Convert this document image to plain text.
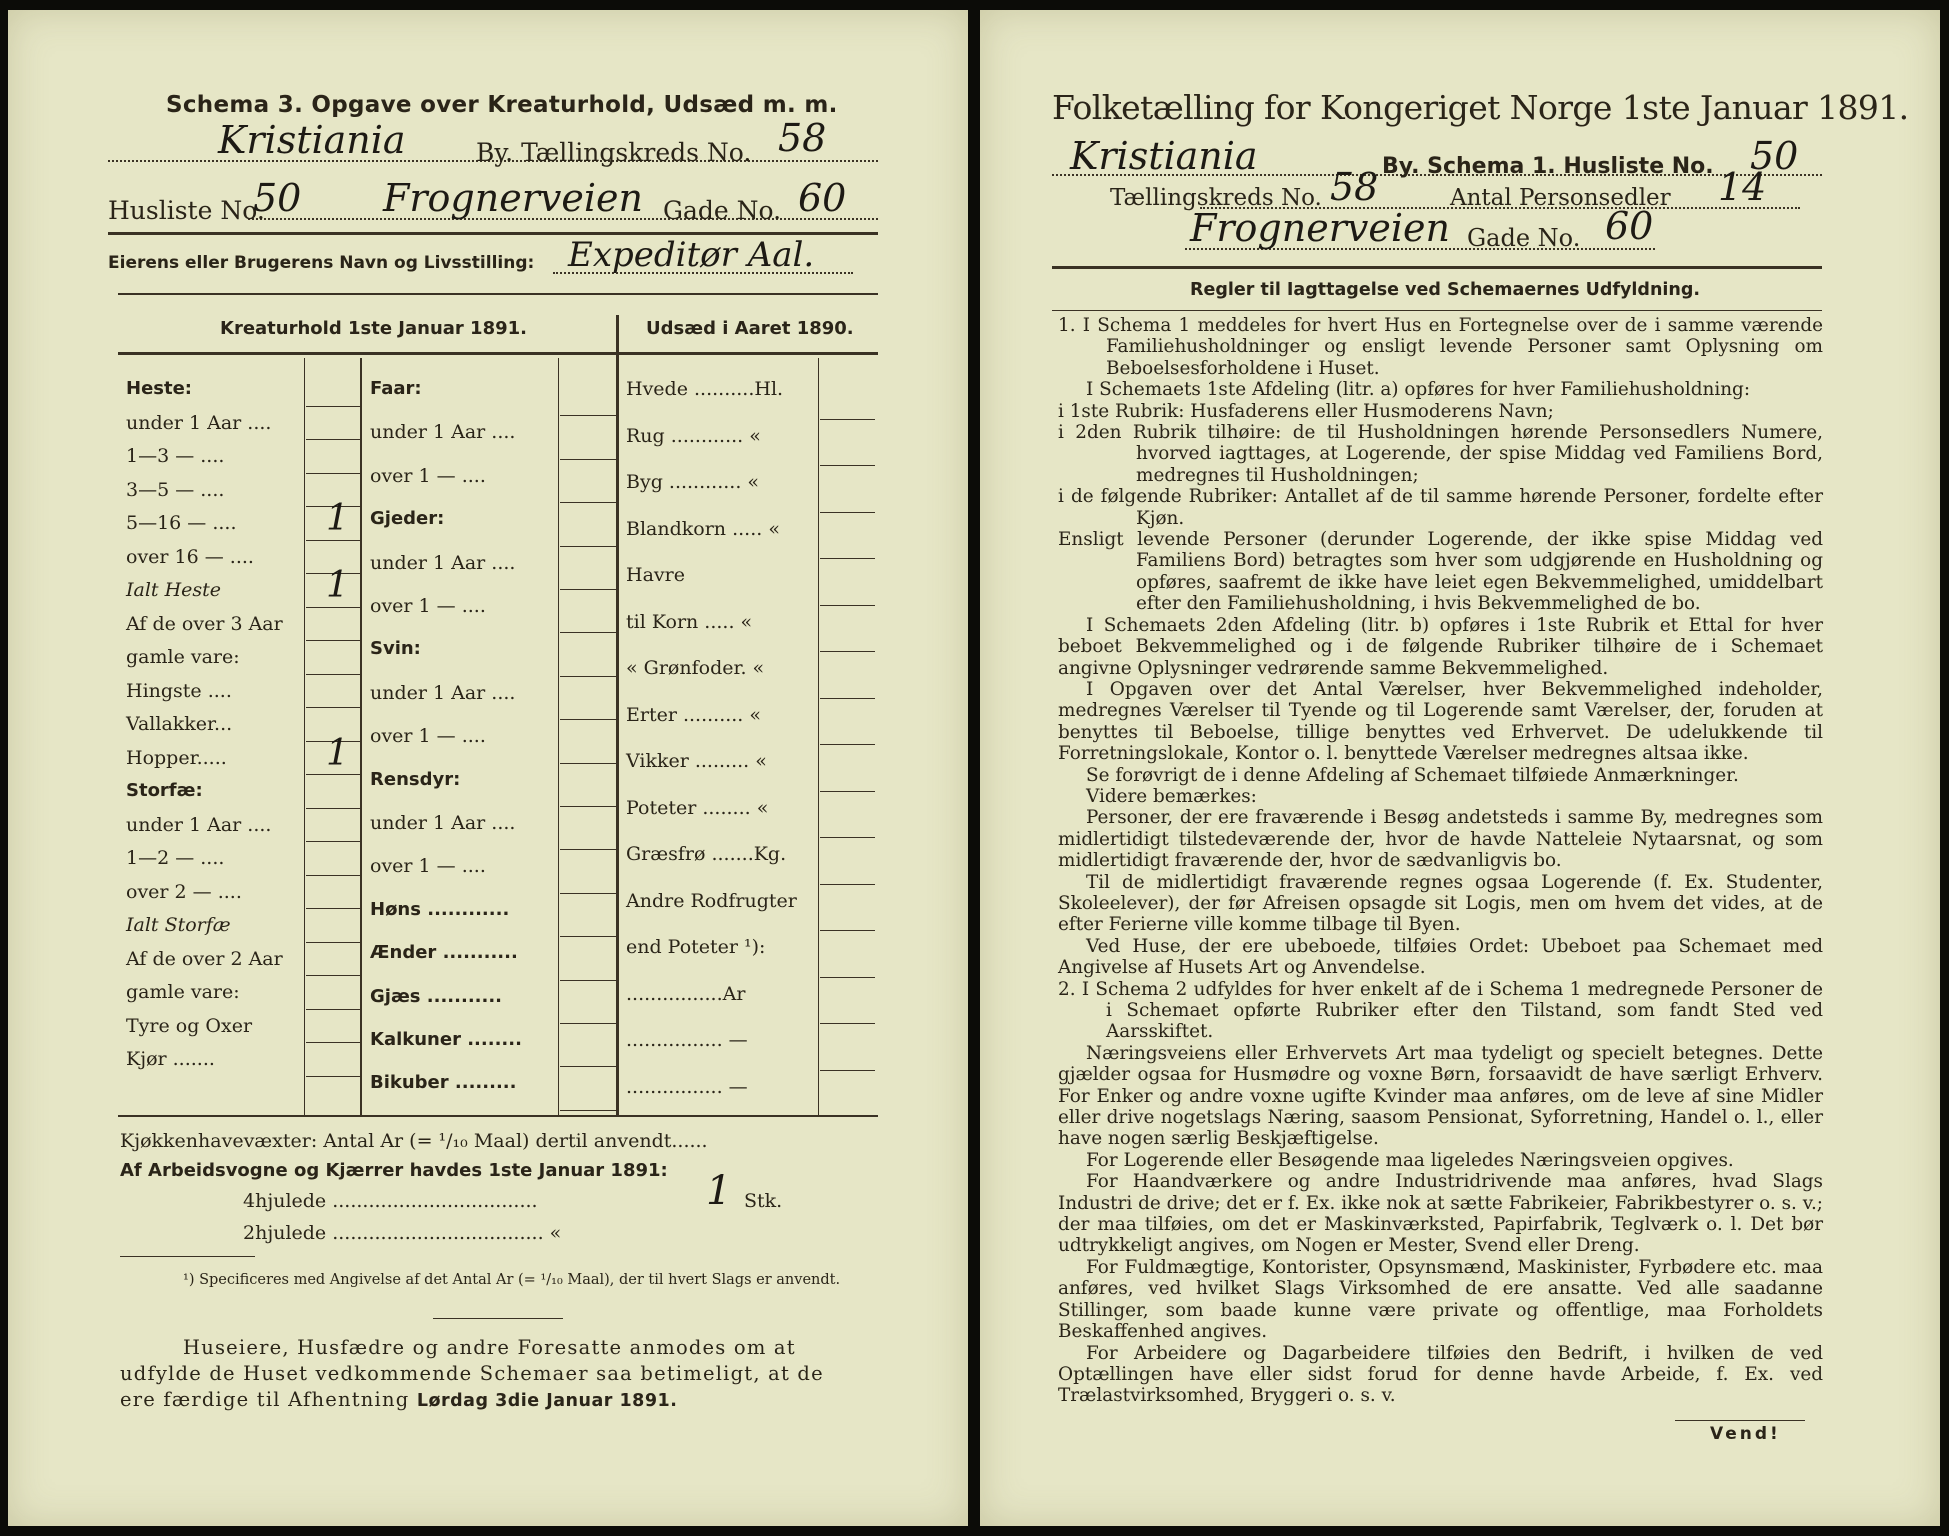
Schema 3. Opgave over Kreaturhold, Udsæd m. m.
Kristiania	By. Tællingskreds No. 58
Husliste No.
50 Frognerveien Gade No. 60
Eierens eller Brugerens Navn og Livsstilling: Expeditør Aal.
Kreaturhold 1ste Januar 1891.	Udsæd i Aaret 1890.
Heste:
under 1 Aar ....
1—3 — ....
3—5 — ....
5—16 — .... 1
over 16 — ....
Ialt Heste	1
Af de over 3 Aar
gamle vare:
Hingste ....
Vallakker...
Hopper.....	1
Storfæ:
under 1 Aar ....
1—2 — ....
over 2 — ....
Ialt Storfæ
Af de over 2 Aar
gamle vare:
Tyre og Oxer
Kjør .......
Faar:
under 1 Aar ....
over 1 — ....
Gjeder:
under 1 Aar ....
over 1 — ....
Svin:
under 1 Aar ....
over 1 — ....
Rensdyr:
under 1 Aar ....
over 1 — ....
Høns ............
Ænder ...........
Gjæs ...........
Kalkuner ........
Bikuber .........
Hvede ..........Hl.
Rug ............ «
Byg ............ «
Blandkorn ..... «
Havre
til Korn ..... «
« Grønfoder. «
Erter .......... «
Vikker ......... «
Poteter ........ «
Græsfrø .......Kg.
Andre Rodfrugter
end Poteter ¹):
................Ar
................ —
................ —
Kjøkkenhavevæxter: Antal Ar (= ¹/₁₀ Maal) dertil anvendt......
Af Arbeidsvogne og Kjærrer havdes 1ste Januar 1891:
4hjulede ..................................	1 Stk.
2hjulede ................................... «
¹) Specificeres med Angivelse af det Antal Ar (= ¹/₁₀ Maal), der til hvert Slags er anvendt.
Huseiere, Husfædre og andre Foresatte anmodes om at
udfylde de Huset vedkommende Schemaer saa betimeligt, at de
ere færdige til Afhentning Lørdag 3die Januar 1891.
Folketælling for Kongeriget Norge 1ste Januar 1891.
Kristiania	By. Schema 1. Husliste No. 50
Tællingskreds No. 58	Antal Personsedler 14
Frognerveien Gade No. 60
Regler til Iagttagelse ved Schemaernes Udfyldning.

1. I Schema 1 meddeles for hvert Hus en Fortegnelse over de i samme værende Familiehusholdninger og ensligt levende Personer samt Oplysning om Beboelsesforholdene i Huset.

I Schemaets 1ste Afdeling (litr. a) opføres for hver Familiehusholdning:

i 1ste Rubrik: Husfaderens eller Husmoderens Navn;

i 2den Rubrik tilhøire: de til Husholdningen hørende Personsedlers Numere, hvorved iagttages, at Logerende, der spise Middag ved Familiens Bord, medregnes til Husholdningen;

i de følgende Rubriker: Antallet af de til samme hørende Personer, fordelte efter Kjøn.

Ensligt levende Personer (derunder Logerende, der ikke spise Middag ved Familiens Bord) betragtes som hver som udgjørende en Husholdning og opføres, saafremt de ikke have leiet egen Bekvemmelighed, umiddelbart efter den Familiehusholdning, i hvis Bekvemmelighed de bo.

I Schemaets 2den Afdeling (litr. b) opføres i 1ste Rubrik et Ettal for hver beboet Bekvemmelighed og i de følgende Rubriker tilhøire de i Schemaet angivne Oplysninger vedrørende samme Bekvemmelighed.

I Opgaven over det Antal Værelser, hver Bekvemmelighed indeholder, medregnes Værelser til Tyende og til Logerende samt Værelser, der, foruden at benyttes til Beboelse, tillige benyttes ved Erhvervet. De udelukkende til Forretningslokale, Kontor o. l. benyttede Værelser medregnes altsaa ikke.

Se forøvrigt de i denne Afdeling af Schemaet tilføiede Anmærkninger.

Videre bemærkes:

Personer, der ere fraværende i Besøg andetsteds i samme By, medregnes som midlertidigt tilstedeværende der, hvor de havde Natteleie Nytaarsnat, og som midlertidigt fraværende der, hvor de sædvanligvis bo.

Til de midlertidigt fraværende regnes ogsaa Logerende (f. Ex. Studenter, Skoleelever), der før Afreisen opsagde sit Logis, men om hvem det vides, at de efter Ferierne ville komme tilbage til Byen.

Ved Huse, der ere ubeboede, tilføies Ordet: Ubeboet paa Schemaet med Angivelse af Husets Art og Anvendelse.

2. I Schema 2 udfyldes for hver enkelt af de i Schema 1 medregnede Personer de i Schemaet opførte Rubriker efter den Tilstand, som fandt Sted ved Aarsskiftet.

Næringsveiens eller Erhvervets Art maa tydeligt og specielt betegnes. Dette gjælder ogsaa for Husmødre og voxne Børn, forsaavidt de have særligt Erhverv. For Enker og andre voxne ugifte Kvinder maa anføres, om de leve af sine Midler eller drive nogetslags Næring, saasom Pensionat, Syforretning, Handel o. l., eller have nogen særlig Beskjæftigelse.

For Logerende eller Besøgende maa ligeledes Næringsveien opgives.

For Haandværkere og andre Industridrivende maa anføres, hvad Slags Industri de drive; det er f. Ex. ikke nok at sætte Fabrikeier, Fabrikbestyrer o. s. v.; der maa tilføies, om det er Maskinværksted, Papirfabrik, Teglværk o. l. Det bør udtrykkeligt angives, om Nogen er Mester, Svend eller Dreng.

For Fuldmægtige, Kontorister, Opsynsmænd, Maskinister, Fyrbødere etc. maa anføres, ved hvilket Slags Virksomhed de ere ansatte. Ved alle saadanne Stillinger, som baade kunne være private og offentlige, maa Forholdets Beskaffenhed angives.

For Arbeidere og Dagarbeidere tilføies den Bedrift, i hvilken de ved Optællingen have eller sidst forud for denne havde Arbeide, f. Ex. ved Trælastvirksomhed, Bryggeri o. s. v.

Vend!
